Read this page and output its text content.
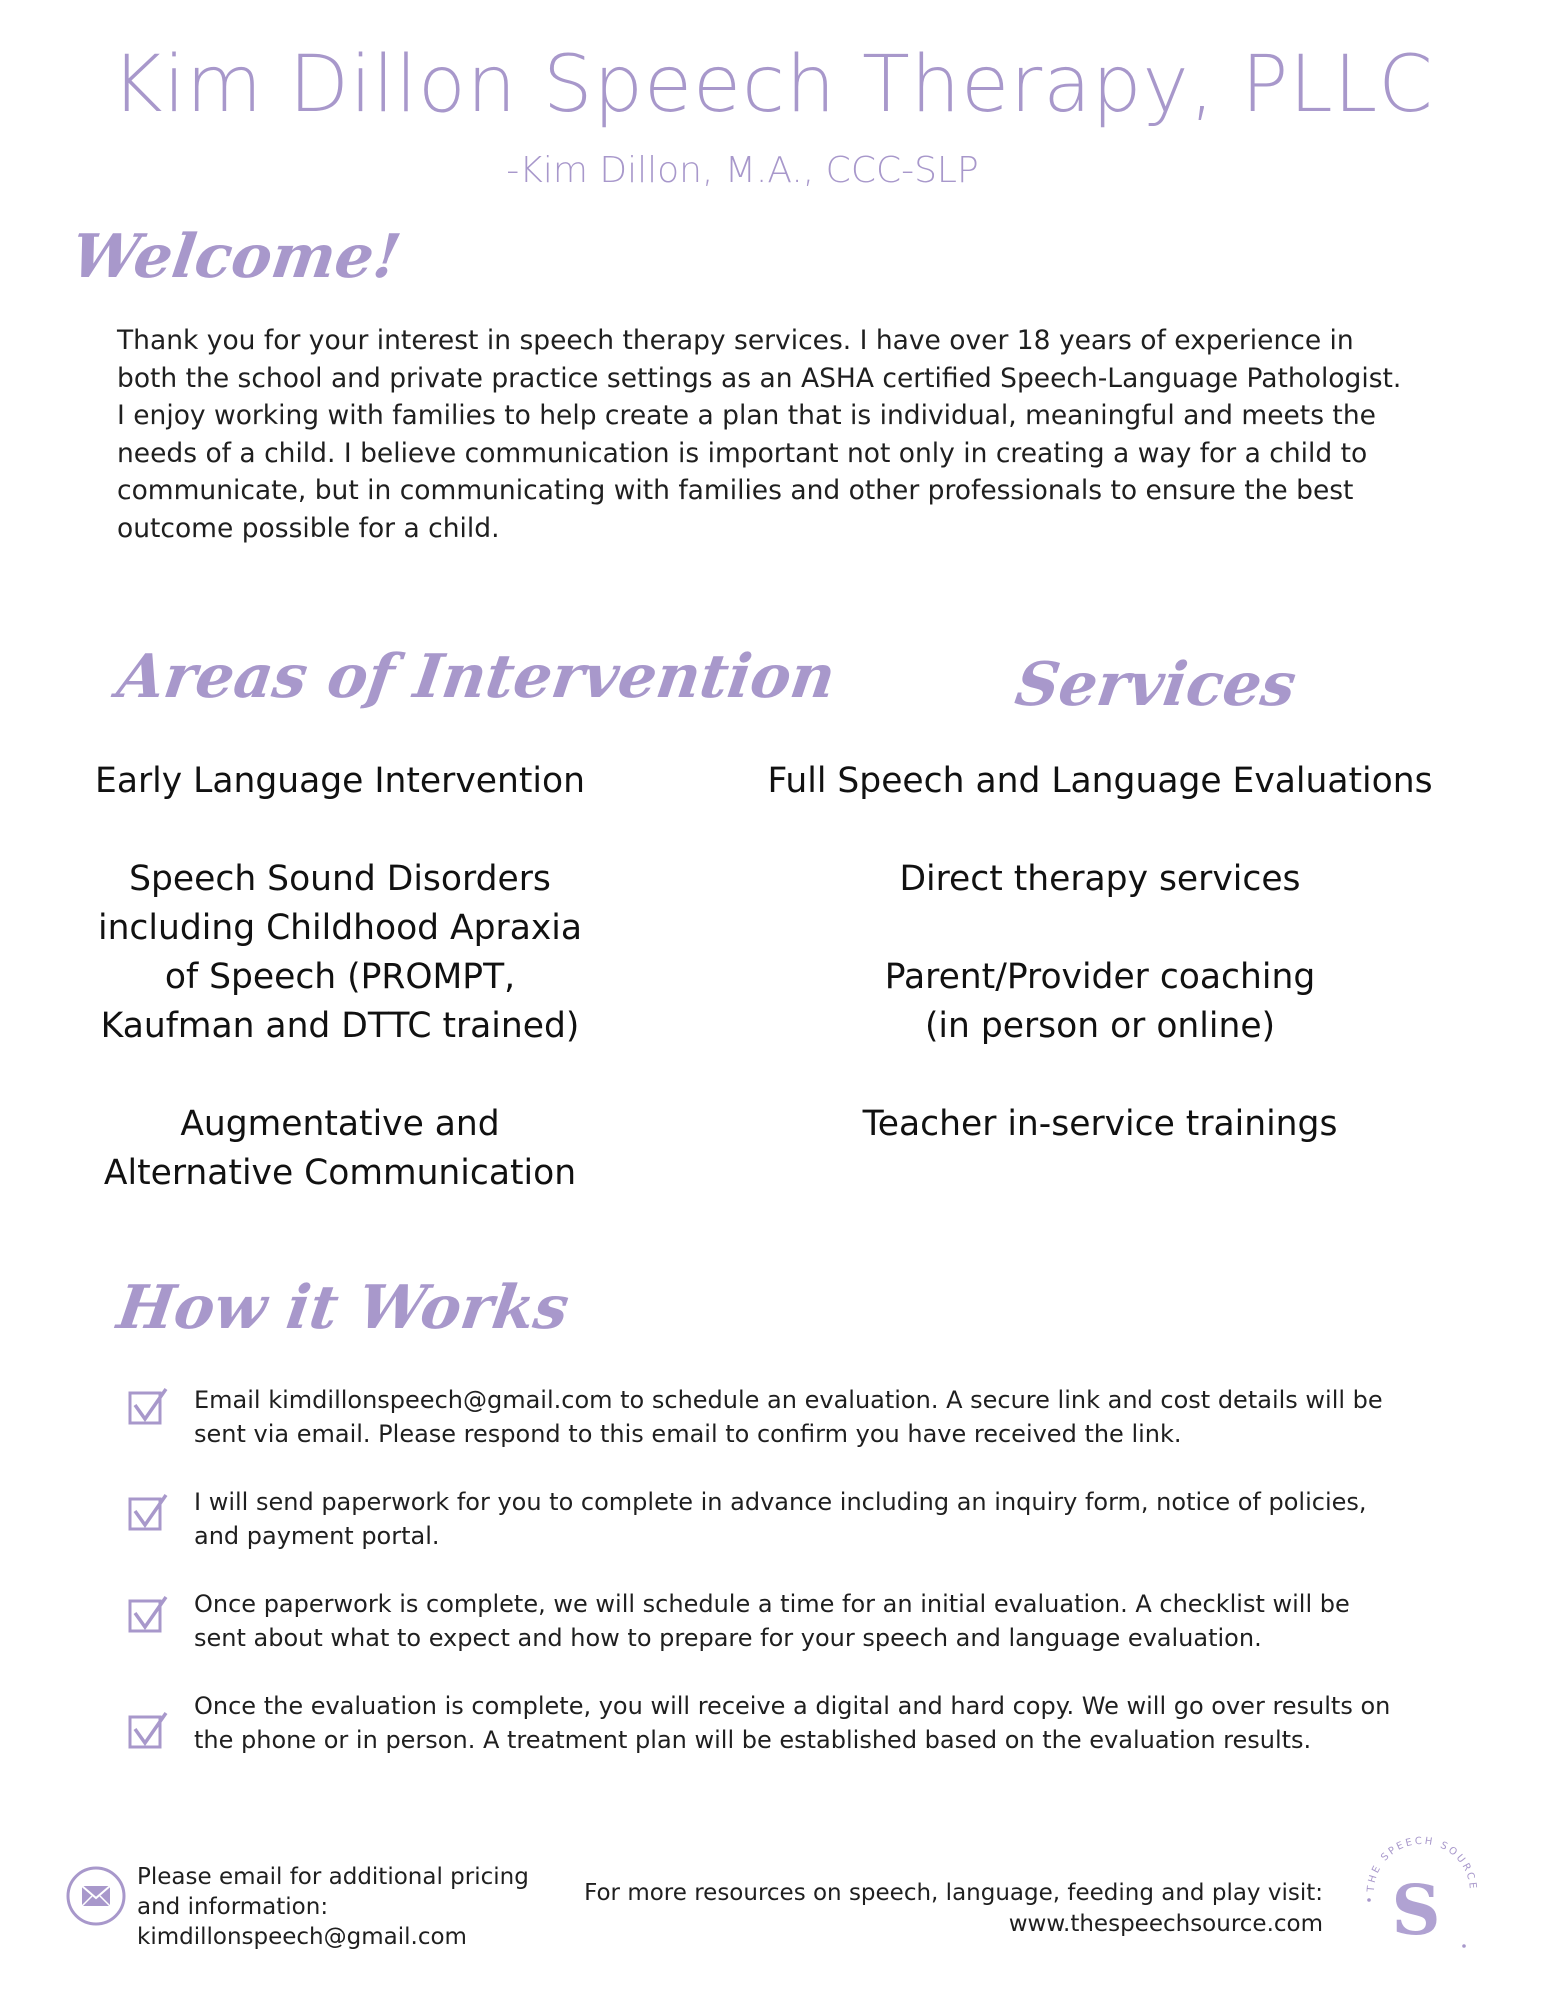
Kim Dillon Speech Therapy, PLLC
-Kim Dillon, M.A., CCC-SLP
Welcome!
Thank you for your interest in speech therapy services. I have over 18 years of experience in both the school and private practice settings as an ASHA certified Speech-Language Pathologist. I enjoy working with families to help create a plan that is individual, meaningful and meets the needs of a child. I believe communication is important not only in creating a way for a child to communicate, but in communicating with families and other professionals to ensure the best outcome possible for a child.
Areas of Intervention	Services
Early Language Intervention
Speech Sound Disorders
including Childhood Apraxia
of Speech (PROMPT,
Kaufman and DTTC trained)
Augmentative and
Alternative Communication
Full Speech and Language Evaluations
Direct therapy services
Parent/Provider coaching
(in person or online)
Teacher in-service trainings
How it Works
Email kimdillonspeech@gmail.com to schedule an evaluation. A secure link and cost details will be sent via email. Please respond to this email to confirm you have received the link.
I will send paperwork for you to complete in advance including an inquiry form, notice of policies, and payment portal.
Once paperwork is complete, we will schedule a time for an initial evaluation. A checklist will be sent about what to expect and how to prepare for your speech and language evaluation.
Once the evaluation is complete, you will receive a digital and hard copy. We will go over results on the phone or in person. A treatment plan will be established based on the evaluation results.
Please email for additional pricing
and information:
kimdillonspeech@gmail.com
For more resources on speech, language, feeding and play visit:
www.thespeechsource.com
THE SPEECH SOURCE
S
